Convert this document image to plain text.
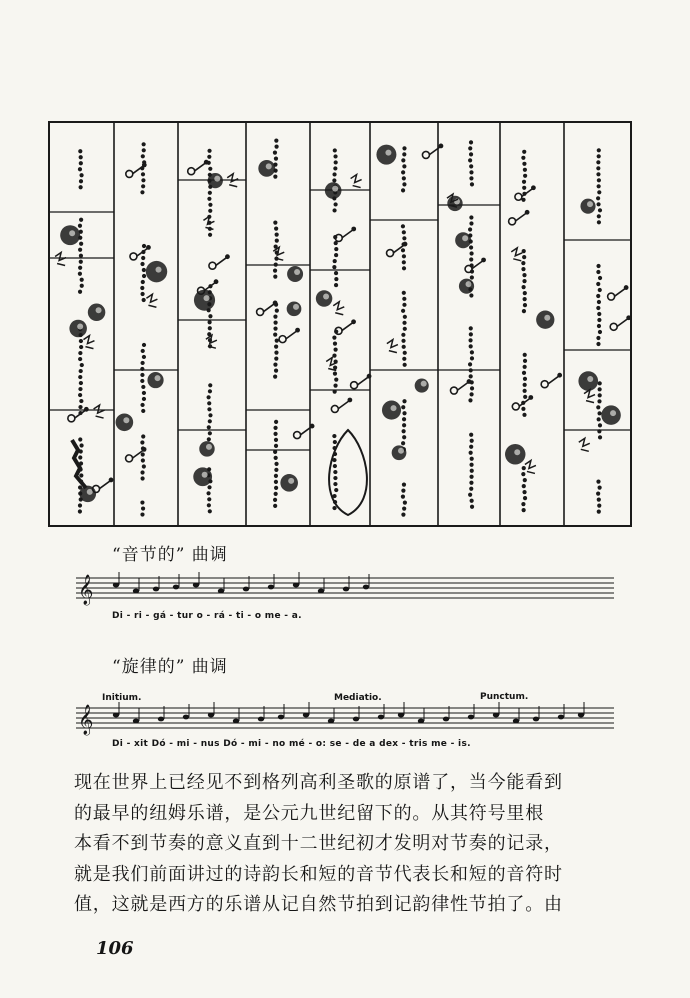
“音节的” 曲调
𝄞
Di - ri - gá - tur o - rá - ti - o me - a.
“旋律的” 曲调
Initium.	Mediatio.	Punctum.
𝄞
Di - xit Dó - mi - nus Dó - mi - no mé - o: se - de a dex - tris me - is.

现在世界上已经见不到格列高利圣歌的原谱了，当今能看到

的最早的纽姆乐谱，是公元九世纪留下的。从其符号里根

本看不到节奏的意义直到十二世纪初才发明对节奏的记录，

就是我们前面讲过的诗韵长和短的音节代表长和短的音符时

值，这就是西方的乐谱从记自然节拍到记韵律性节拍了。由

106
